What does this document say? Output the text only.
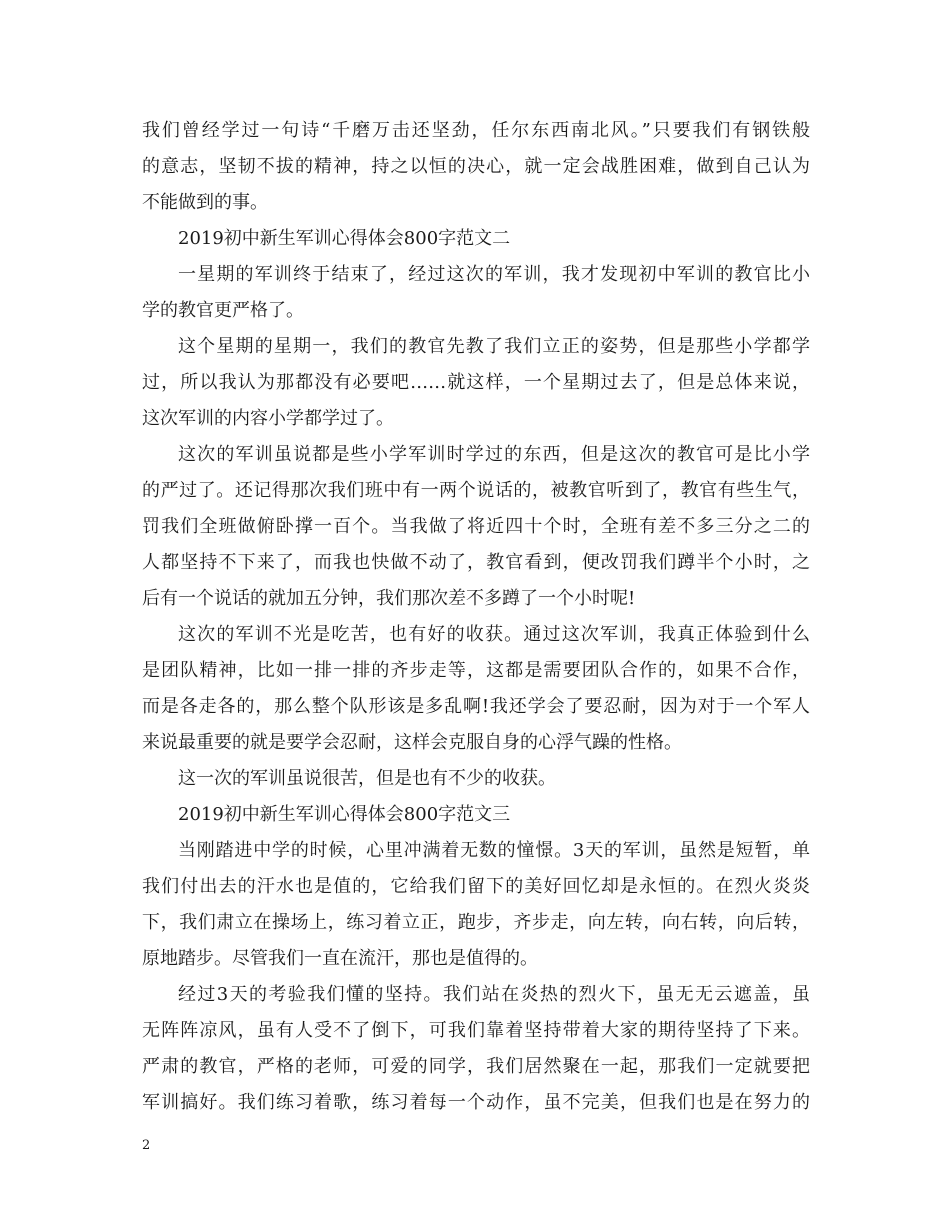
我们曾经学过一句诗“千磨万击还坚劲，任尔东西南北风。”只要我们有钢铁般
的意志，坚韧不拔的精神，持之以恒的决心，就一定会战胜困难，做到自己认为
不能做到的事。
2019初中新生军训心得体会800字范文二
一星期的军训终于结束了，经过这次的军训，我才发现初中军训的教官比小
学的教官更严格了。
这个星期的星期一，我们的教官先教了我们立正的姿势，但是那些小学都学
过，所以我认为那都没有必要吧……就这样，一个星期过去了，但是总体来说，
这次军训的内容小学都学过了。
这次的军训虽说都是些小学军训时学过的东西，但是这次的教官可是比小学
的严过了。还记得那次我们班中有一两个说话的，被教官听到了，教官有些生气，
罚我们全班做俯卧撑一百个。当我做了将近四十个时，全班有差不多三分之二的
人都坚持不下来了，而我也快做不动了，教官看到，便改罚我们蹲半个小时，之
后有一个说话的就加五分钟，我们那次差不多蹲了一个小时呢!
这次的军训不光是吃苦，也有好的收获。通过这次军训，我真正体验到什么
是团队精神，比如一排一排的齐步走等，这都是需要团队合作的，如果不合作，
而是各走各的，那么整个队形该是多乱啊!我还学会了要忍耐，因为对于一个军人
来说最重要的就是要学会忍耐，这样会克服自身的心浮气躁的性格。
这一次的军训虽说很苦，但是也有不少的收获。
2019初中新生军训心得体会800字范文三
当刚踏进中学的时候，心里冲满着无数的憧憬。3天的军训，虽然是短暂，单
我们付出去的汗水也是值的，它给我们留下的美好回忆却是永恒的。在烈火炎炎
下，我们肃立在操场上，练习着立正，跑步，齐步走，向左转，向右转，向后转，
原地踏步。尽管我们一直在流汗，那也是值得的。
经过3天的考验我们懂的坚持。我们站在炎热的烈火下，虽无无云遮盖，虽
无阵阵凉风，虽有人受不了倒下，可我们靠着坚持带着大家的期待坚持了下来。
严肃的教官，严格的老师，可爱的同学，我们居然聚在一起，那我们一定就要把
军训搞好。我们练习着歌，练习着每一个动作，虽不完美，但我们也是在努力的
2
